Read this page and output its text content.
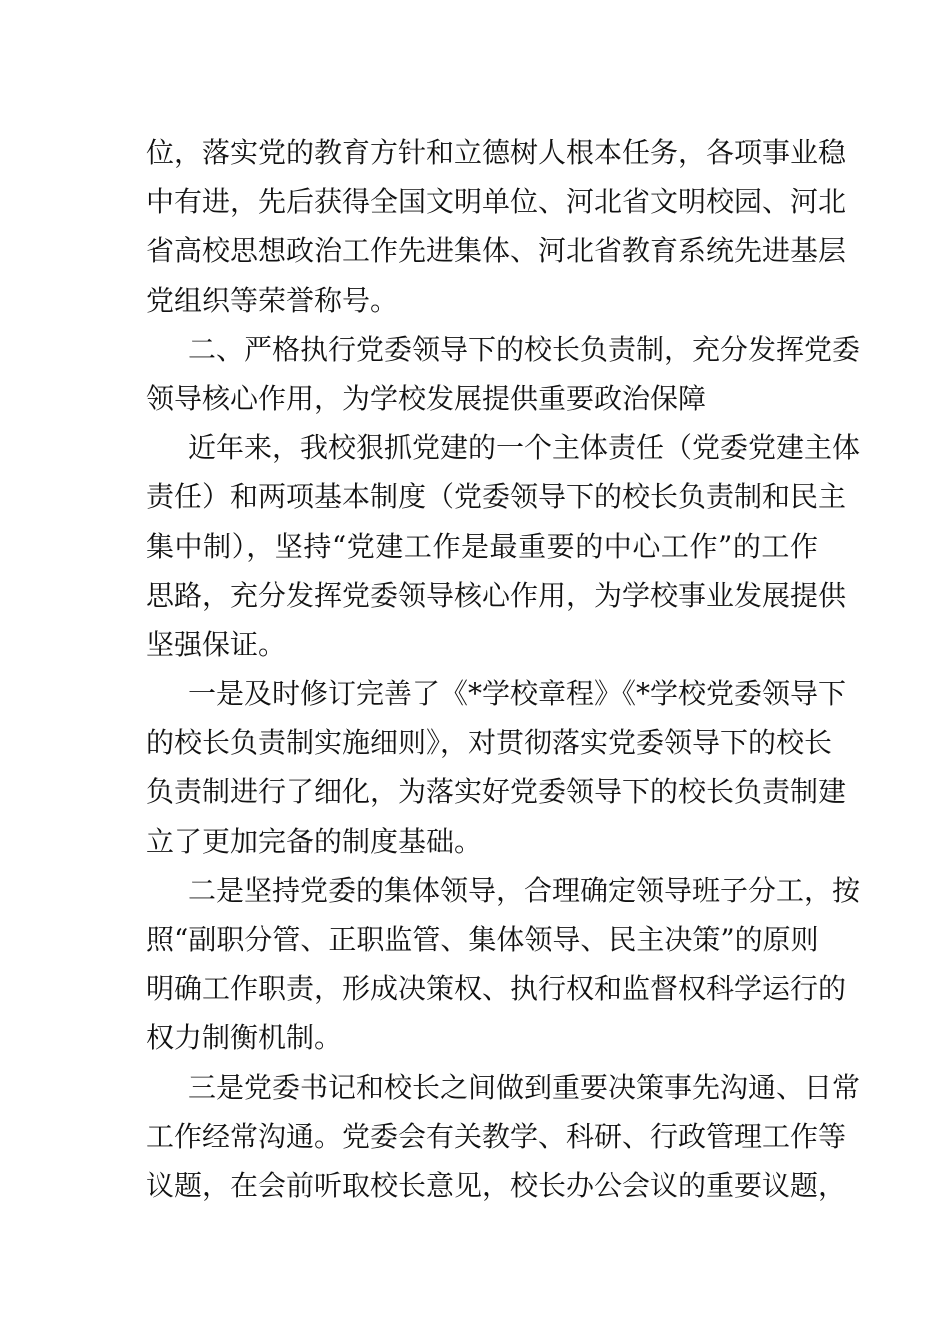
位，落实党的教育方针和立德树人根本任务，各项事业稳
中有进，先后获得全国文明单位、河北省文明校园、河北
省高校思想政治工作先进集体、河北省教育系统先进基层
党组织等荣誉称号。
二、严格执行党委领导下的校长负责制，充分发挥党委
领导核心作用，为学校发展提供重要政治保障
近年来，我校狠抓党建的一个主体责任（党委党建主体
责任）和两项基本制度（党委领导下的校长负责制和民主
集中制），坚持“党建工作是最重要的中心工作”的工作
思路，充分发挥党委领导核心作用，为学校事业发展提供
坚强保证。
一是及时修订完善了《*学校章程》《*学校党委领导下
的校长负责制实施细则》，对贯彻落实党委领导下的校长
负责制进行了细化，为落实好党委领导下的校长负责制建
立了更加完备的制度基础。
二是坚持党委的集体领导，合理确定领导班子分工，按
照“副职分管、正职监管、集体领导、民主决策”的原则
明确工作职责，形成决策权、执行权和监督权科学运行的
权力制衡机制。
三是党委书记和校长之间做到重要决策事先沟通、日常
工作经常沟通。党委会有关教学、科研、行政管理工作等
议题，在会前听取校长意见，校长办公会议的重要议题，
